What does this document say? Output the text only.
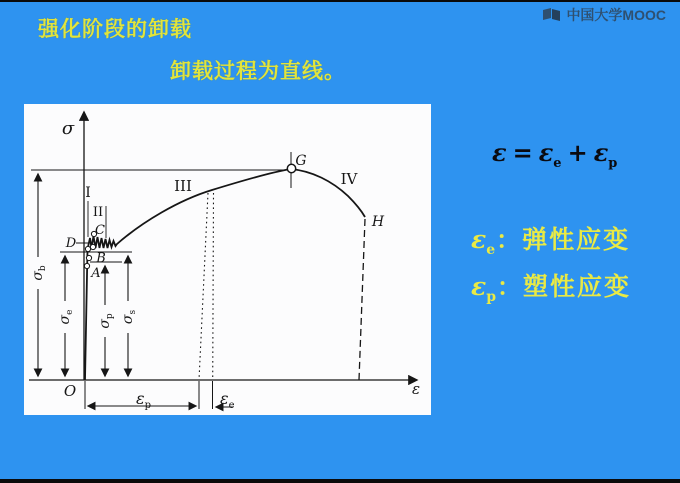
强化阶段的卸载
卸载过程为直线。
中国大学MOOC
$\sigma_b$
$\sigma_e$
$\sigma_p$ $\sigma_s$
σ
ε
O
I
II
III	IV
C
D
B
A
G
H
$\varepsilon_p$	$\varepsilon_e$
$\varepsilon = \varepsilon_e + \varepsilon_p$
$\varepsilon_e$ ： 弹性应变
$\varepsilon_p$ ： 塑性应变
